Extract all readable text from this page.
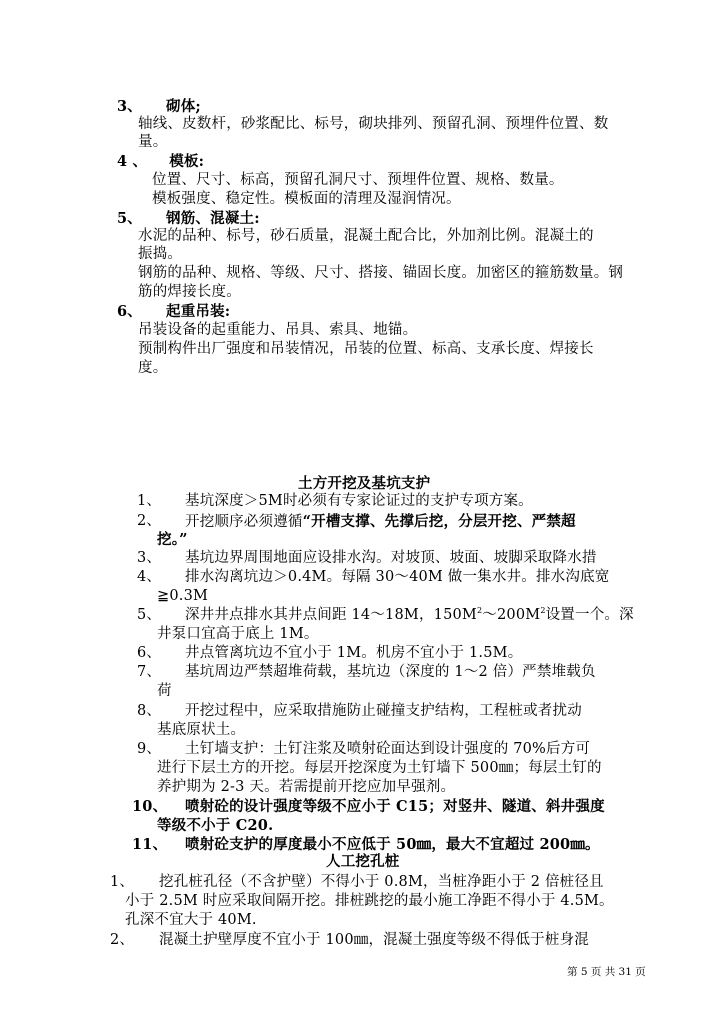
3、 砌体;
轴线、皮数杆，砂浆配比、标号，砌块排列、预留孔洞、预埋件位置、数
量。
4 、 模板:
位置、尺寸、标高，预留孔洞尺寸、预埋件位置、规格、数量。
模板强度、稳定性。模板面的清理及湿润情况。
5、 钢筋、混凝土:
水泥的品种、标号，砂石质量，混凝土配合比，外加剂比例。混凝土的
振捣。
钢筋的品种、规格、等级、尺寸、搭接、锚固长度。加密区的箍筋数量。钢
筋的焊接长度。
6、 起重吊装:
吊装设备的起重能力、吊具、索具、地锚。
预制构件出厂强度和吊装情况，吊装的位置、标高、支承长度、焊接长
度。
土方开挖及基坑支护
1、 基坑深度＞5M时必须有专家论证过的支护专项方案。
2、 开挖顺序必须遵循“开槽支撑、先撑后挖，分层开挖、严禁超
挖。”
3、 基坑边界周围地面应设排水沟。对坡顶、坡面、坡脚采取降水措
4、 排水沟离坑边＞0.4M。每隔 30～40M 做一集水井。排水沟底宽
≧0.3M
5、 深井井点排水其井点间距 14～18M，$150M^2\sim 200M^2$设置一个。深
井泵口宜高于底上 1M。
6、 井点管离坑边不宜小于 1M。机房不宜小于 1.5M。
7、 基坑周边严禁超堆荷载，基坑边（深度的 1～2 倍）严禁堆载负
荷
8、 开挖过程中，应采取措施防止碰撞支护结构，工程桩或者扰动
基底原状土。
9、 土钉墙支护：土钉注浆及喷射砼面达到设计强度的 70%后方可
进行下层土方的开挖。每层开挖深度为土钉墙下 500㎜；每层土钉的
养护期为 2-3 天。若需提前开挖应加早强剂。
10、 喷射砼的设计强度等级不应小于 C15；对竖井、隧道、斜井强度
等级不小于 C20.
11、 喷射砼支护的厚度最小不应低于 50㎜，最大不宜超过 200㎜。
人工挖孔桩
1、 挖孔桩孔径（不含护壁）不得小于 0.8M，当桩净距小于 2 倍桩径且
小于 2.5M 时应采取间隔开挖。排桩跳挖的最小施工净距不得小于 4.5M。
孔深不宜大于 40M.
2、 混凝土护壁厚度不宜小于 100㎜，混凝土强度等级不得低于桩身混
第 5 页 共 31 页
